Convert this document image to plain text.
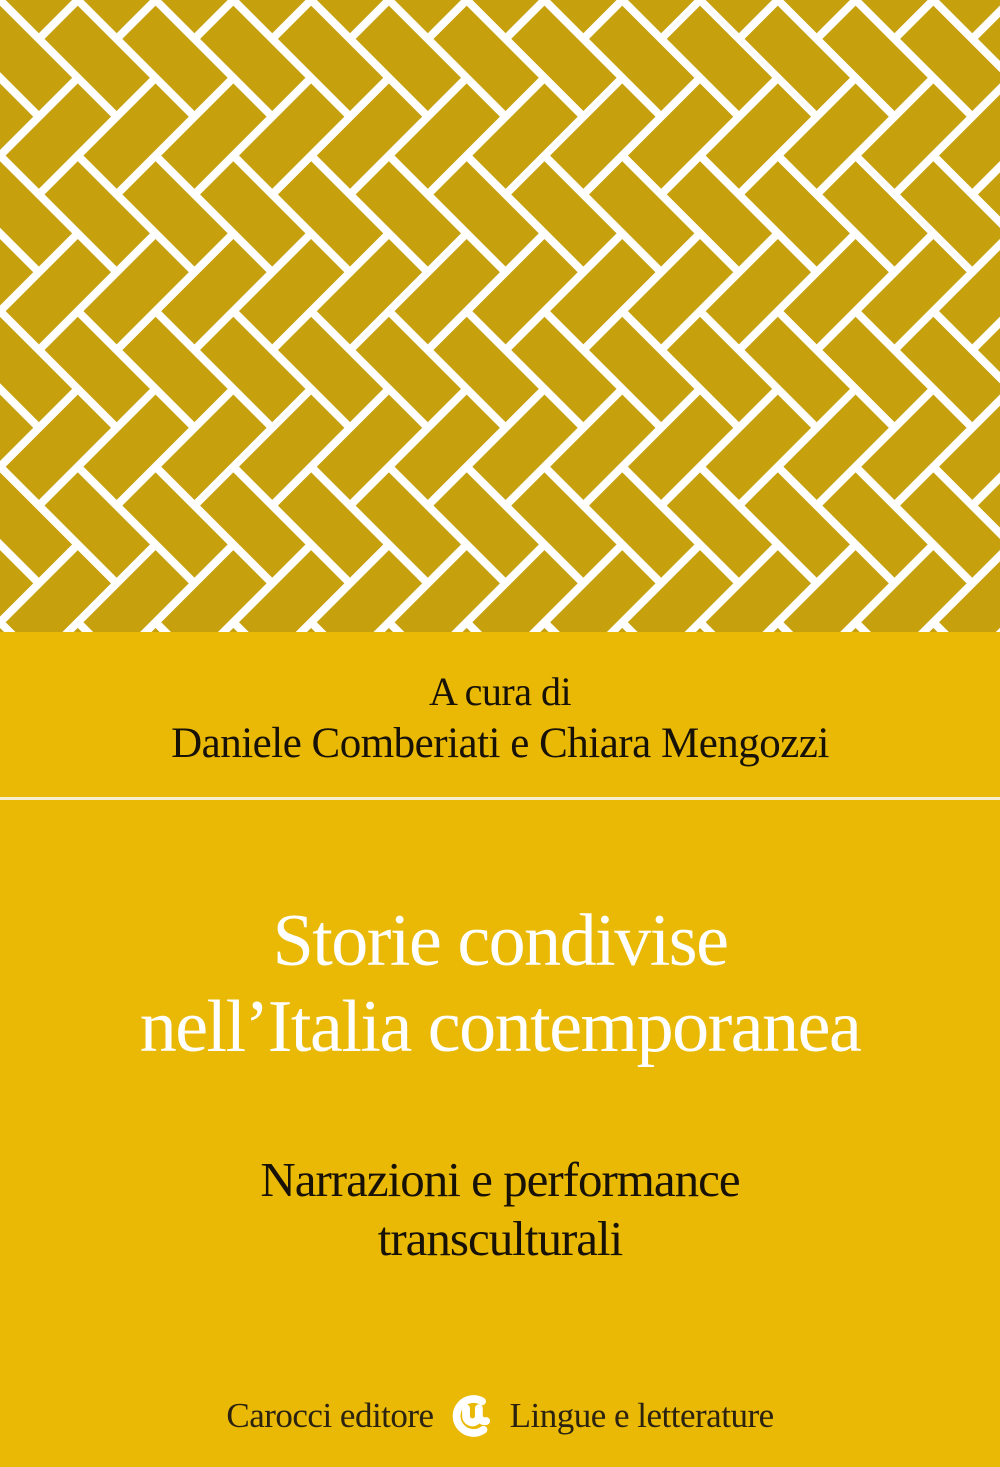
A cura di
Daniele Comberiati e Chiara Mengozzi
Storie condivise
nell’Italia contemporanea
Narrazioni e performance
transculturali
Carocci editore Lingue e letterature
